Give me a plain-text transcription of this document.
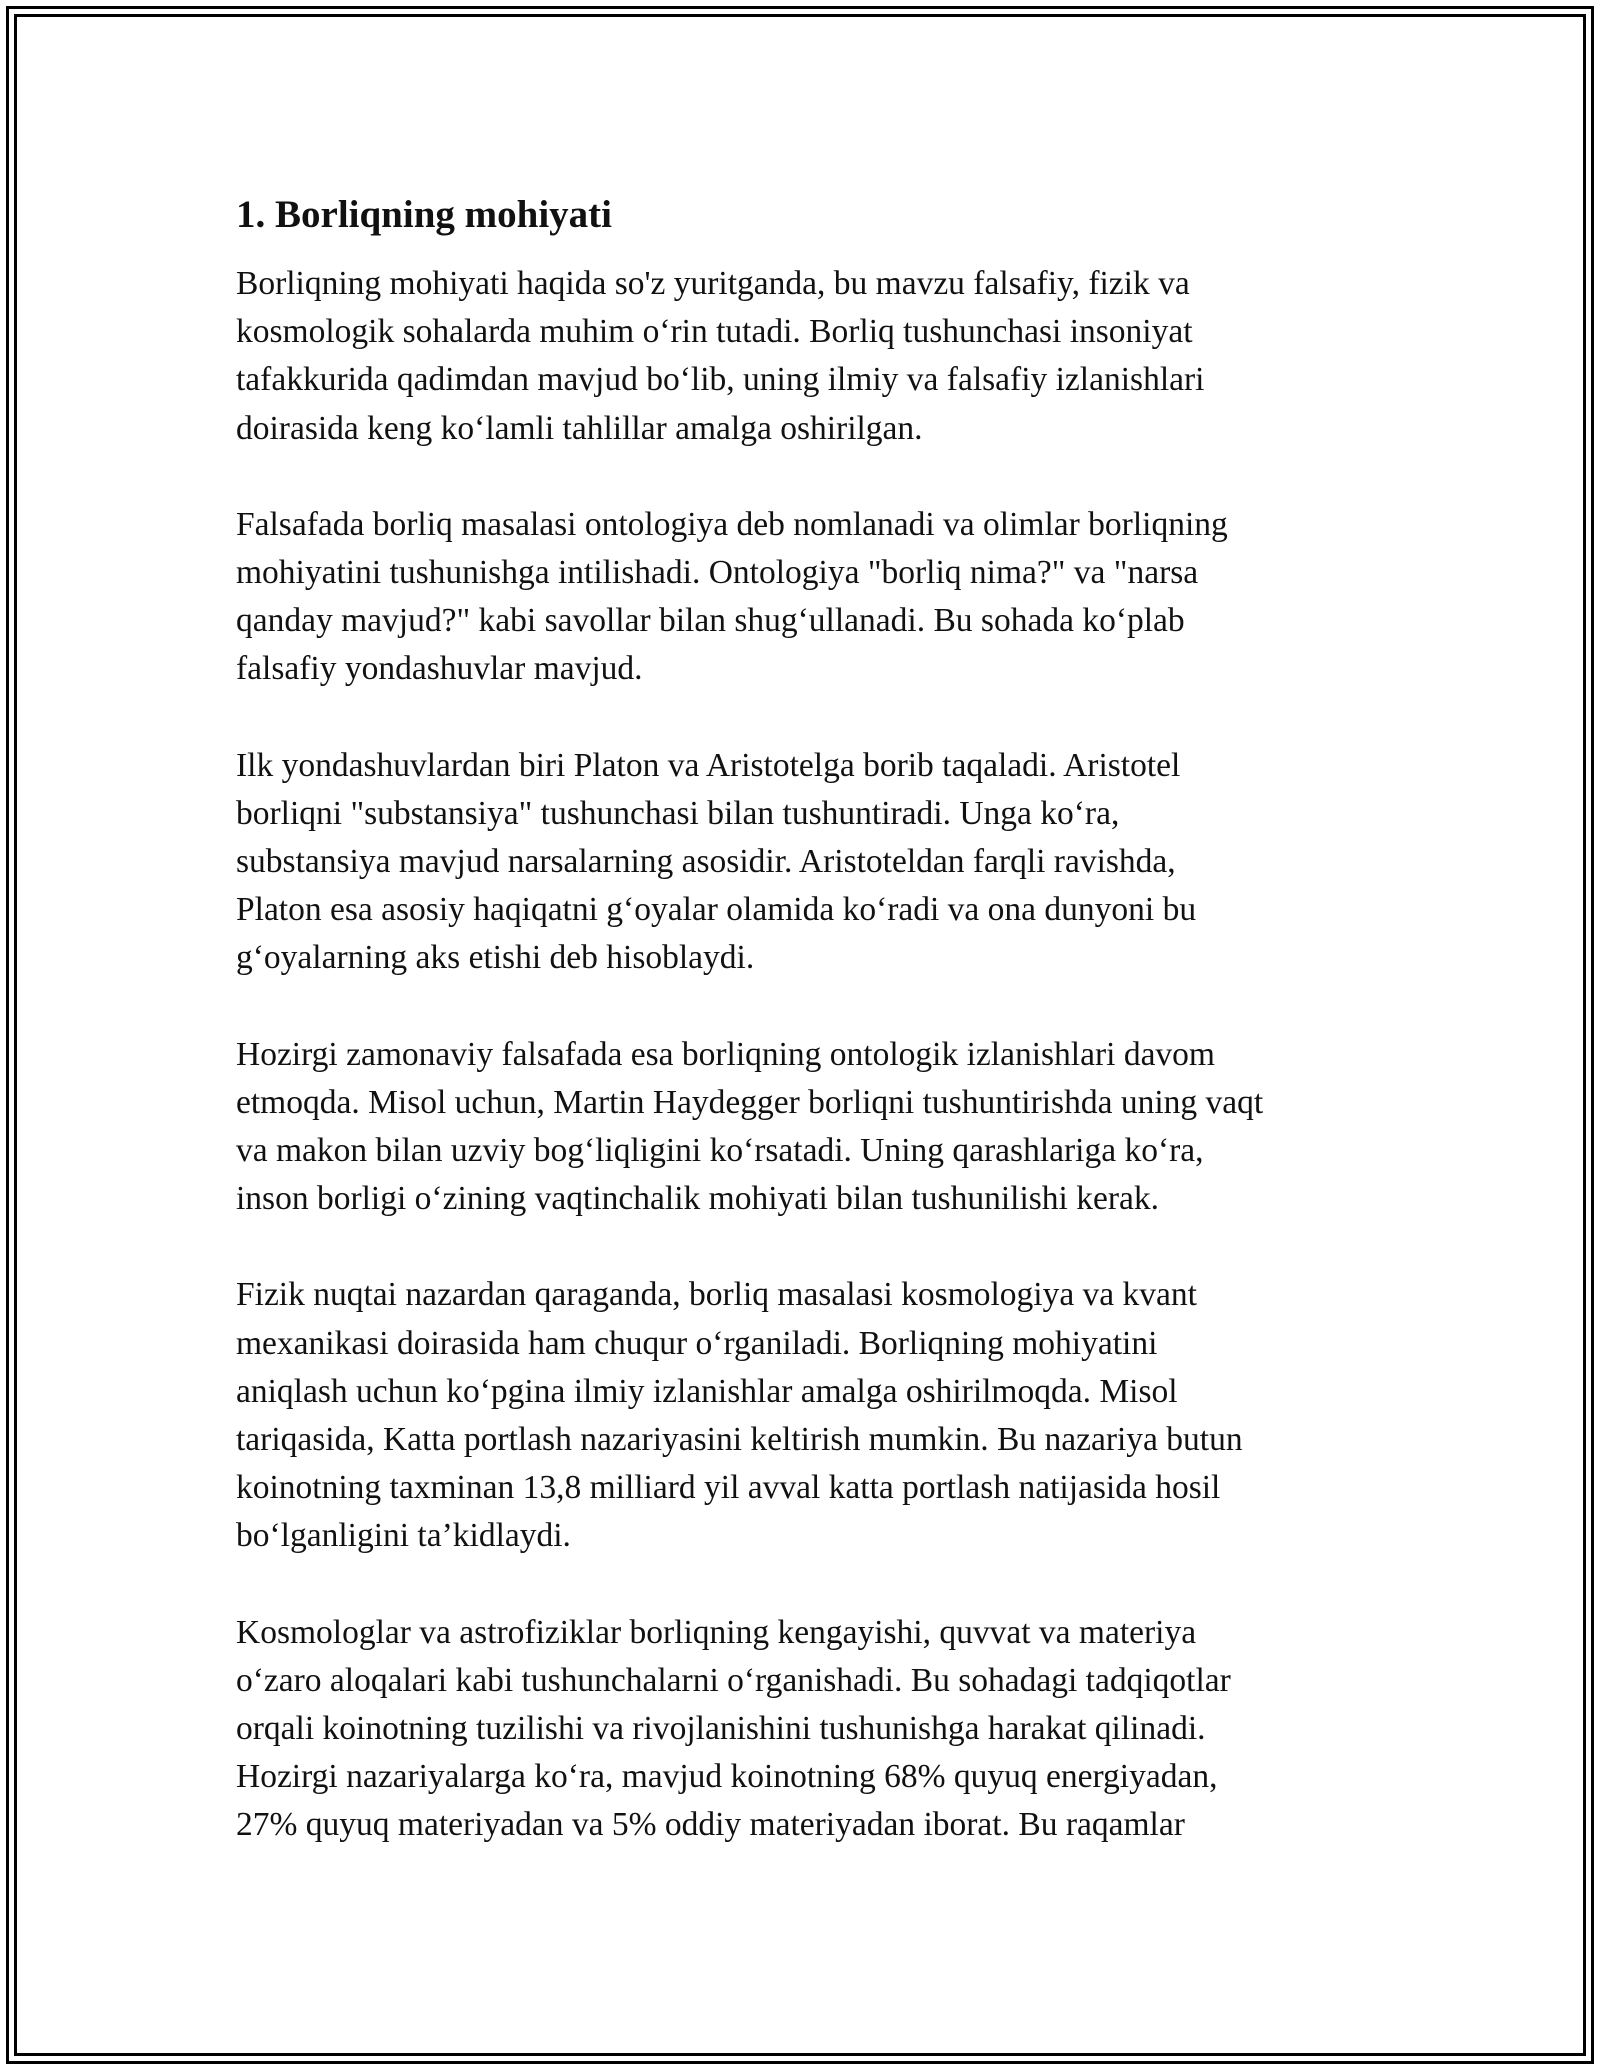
1. Borliqning mohiyati
Borliqning mohiyati haqida so'z yuritganda, bu mavzu falsafiy, fizik va
kosmologik sohalarda muhim o‘rin tutadi. Borliq tushunchasi insoniyat
tafakkurida qadimdan mavjud bo‘lib, uning ilmiy va falsafiy izlanishlari
doirasida keng ko‘lamli tahlillar amalga oshirilgan.
Falsafada borliq masalasi ontologiya deb nomlanadi va olimlar borliqning
mohiyatini tushunishga intilishadi. Ontologiya "borliq nima?" va "narsa
qanday mavjud?" kabi savollar bilan shug‘ullanadi. Bu sohada ko‘plab
falsafiy yondashuvlar mavjud.
Ilk yondashuvlardan biri Platon va Aristotelga borib taqaladi. Aristotel
borliqni "substansiya" tushunchasi bilan tushuntiradi. Unga ko‘ra,
substansiya mavjud narsalarning asosidir. Aristoteldan farqli ravishda,
Platon esa asosiy haqiqatni g‘oyalar olamida ko‘radi va ona dunyoni bu
g‘oyalarning aks etishi deb hisoblaydi.
Hozirgi zamonaviy falsafada esa borliqning ontologik izlanishlari davom
etmoqda. Misol uchun, Martin Haydegger borliqni tushuntirishda uning vaqt
va makon bilan uzviy bog‘liqligini ko‘rsatadi. Uning qarashlariga ko‘ra,
inson borligi o‘zining vaqtinchalik mohiyati bilan tushunilishi kerak.
Fizik nuqtai nazardan qaraganda, borliq masalasi kosmologiya va kvant
mexanikasi doirasida ham chuqur o‘rganiladi. Borliqning mohiyatini
aniqlash uchun ko‘pgina ilmiy izlanishlar amalga oshirilmoqda. Misol
tariqasida, Katta portlash nazariyasini keltirish mumkin. Bu nazariya butun
koinotning taxminan 13,8 milliard yil avval katta portlash natijasida hosil
bo‘lganligini ta’kidlaydi.
Kosmologlar va astrofiziklar borliqning kengayishi, quvvat va materiya
o‘zaro aloqalari kabi tushunchalarni o‘rganishadi. Bu sohadagi tadqiqotlar
orqali koinotning tuzilishi va rivojlanishini tushunishga harakat qilinadi.
Hozirgi nazariyalarga ko‘ra, mavjud koinotning 68% quyuq energiyadan,
27% quyuq materiyadan va 5% oddiy materiyadan iborat. Bu raqamlar
